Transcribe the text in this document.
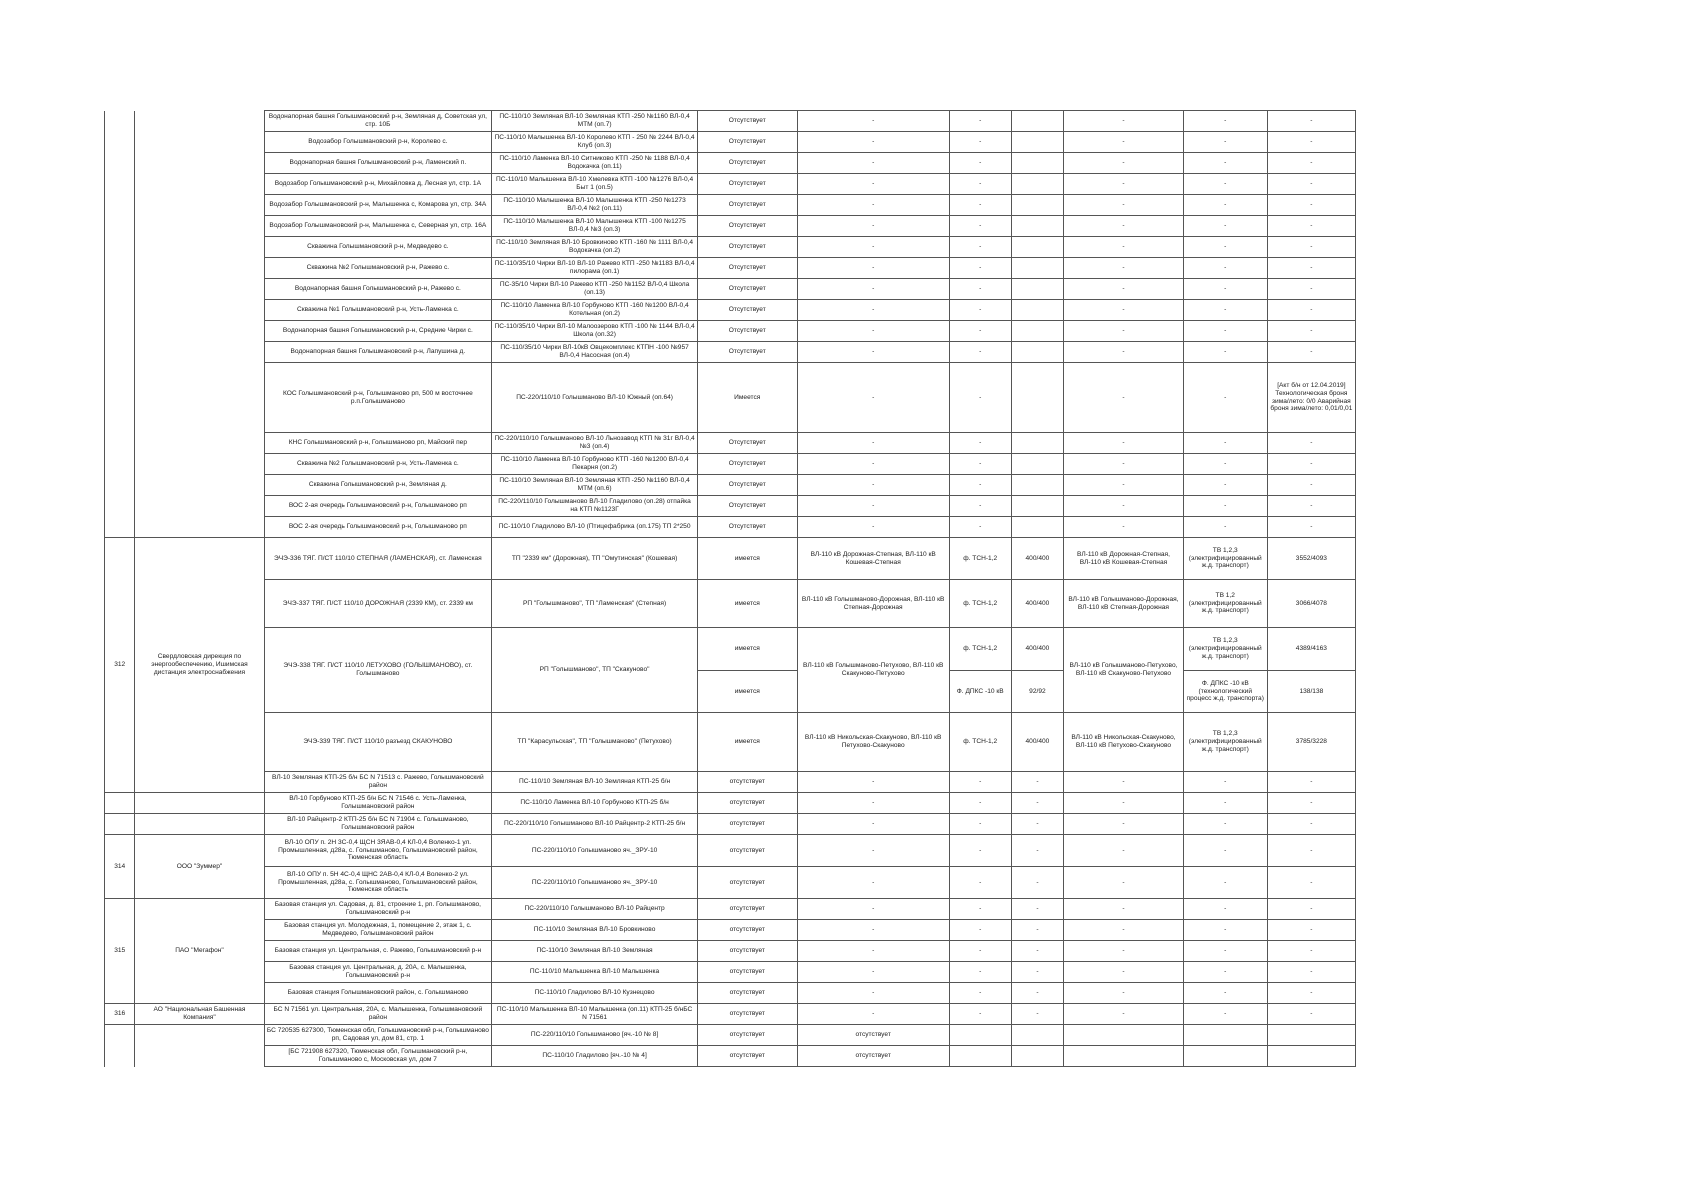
		Водонапорная башня Голышмановский р-н, Земляная д, Советская ул, стр. 10Б	ПС-110/10 Земляная ВЛ-10 Земляная КТП -250 №1160 ВЛ-0,4 МТМ (оп.7)	Отсутствует	-	-		-	-	-
		Водозабор Голышмановский р-н, Королево с.	ПС-110/10 Малышенка ВЛ-10 Королево КТП - 250 № 2244 ВЛ-0,4 Клуб (оп.3)	Отсутствует	-	-		-	-	-
		Водонапорная башня Голышмановский р-н, Ламенский п.	ПС-110/10 Ламенка ВЛ-10 Ситниково КТП -250 № 1188 ВЛ-0,4 Водокачка (оп.11)	Отсутствует	-	-		-	-	-
		Водозабор Голышмановский р-н, Михайловка д, Лесная ул, стр. 1А	ПС-110/10 Малышенка ВЛ-10 Хмелевка КТП -100 №1276 ВЛ-0,4 Быт 1 (оп.5)	Отсутствует	-	-		-	-	-
		Водозабор Голышмановский р-н, Малышенка с, Комарова ул, стр. 34А	ПС-110/10 Малышенка ВЛ-10 Малышенка КТП -250 №1273 ВЛ-0,4 №2 (оп.11)	Отсутствует	-	-		-	-	-
		Водозабор Голышмановский р-н, Малышенка с, Северная ул, стр. 16А	ПС-110/10 Малышенка ВЛ-10 Малышенка КТП -100 №1275 ВЛ-0,4 №3 (оп.3)	Отсутствует	-	-		-	-	-
		Скважина Голышмановский р-н, Медведево с.	ПС-110/10 Земляная ВЛ-10 Бровкиново КТП -160 № 1111 ВЛ-0,4 Водокачка (оп.2)	Отсутствует	-	-		-	-	-
		Скважина №2 Голышмановский р-н, Ражево с.	ПС-110/35/10 Чирки ВЛ-10 ВЛ-10 Ражево КТП -250 №1183 ВЛ-0,4 пилорама (оп.1)	Отсутствует	-	-		-	-	-
		Водонапорная башня Голышмановский р-н, Ражево с.	ПС-35/10 Чирки ВЛ-10 Ражево КТП -250 №1152 ВЛ-0,4 Школа (оп.13)	Отсутствует	-	-		-	-	-
		Скважина №1 Голышмановский р-н, Усть-Ламенка с.	ПС-110/10 Ламенка ВЛ-10 Горбуново КТП -160 №1200 ВЛ-0,4 Котельная (оп.2)	Отсутствует	-	-		-	-	-
		Водонапорная башня Голышмановский р-н, Средние Чирки с.	ПС-110/35/10 Чирки ВЛ-10 Малоозерово КТП -100 № 1144 ВЛ-0,4 Школа (оп.32)	Отсутствует	-	-		-	-	-
		Водонапорная башня Голышмановский р-н, Лапушина д.	ПС-110/35/10 Чирки ВЛ-10кВ Овцекомплекс КТПН -100 №957 ВЛ-0,4 Насосная (оп.4)	Отсутствует	-	-		-	-	-
		КОС Голышмановский р-н, Голышманово рп, 500 м восточнее р.п.Голышманово	ПС-220/110/10 Голышманово ВЛ-10 Южный (оп.64)	Имеется	-	-		-	-	[Акт б/н от 12.04.2019] Технологическая броня зима/лето: 0/0 Аварийная броня зима/лето: 0,01/0,01
		КНС Голышмановский р-н, Голышманово рп, Майский пер	ПС-220/110/10 Голышманово ВЛ-10 Льнозавод КТП № 31г ВЛ-0,4 №3 (оп.4)	Отсутствует	-	-		-	-	-
		Скважина №2 Голышмановский р-н, Усть-Ламенка с.	ПС-110/10 Ламенка ВЛ-10 Горбуново КТП -160 №1200 ВЛ-0,4 Пекарня (оп.2)	Отсутствует	-	-		-	-	-
		Скважина Голышмановский р-н, Земляная д.	ПС-110/10 Земляная ВЛ-10 Земляная КТП -250 №1160 ВЛ-0,4 МТМ (оп.6)	Отсутствует	-	-		-	-	-
		ВОС 2-ая очередь Голышмановский р-н, Голышманово рп	ПС-220/110/10 Голышманово ВЛ-10 Гладилово (оп.28) отпайка на КТП №1123Г	Отсутствует	-	-		-	-	-
		ВОС 2-ая очередь Голышмановский р-н, Голышманово рп	ПС-110/10 Гладилово ВЛ-10 (Птицефабрика (оп.175) ТП 2*250	Отсутствует	-	-		-	-	-
312	Свердловская дирекция по энергообеспечению, Ишимская дистанция электроснабжения	ЭЧЭ-336 ТЯГ. П/СТ 110/10 СТЕПНАЯ (ЛАМЕНСКАЯ), ст. Ламенская	ТП "2339 км" (Дорожная), ТП "Омутинская" (Кошевая)	имеется	ВЛ-110 кВ Дорожная-Степная, ВЛ-110 кВ Кошевая-Степная	ф. ТСН-1,2	400/400	ВЛ-110 кВ Дорожная-Степная, ВЛ-110 кВ Кошевая-Степная	ТВ 1,2,3 (электрифицированный ж.д. транспорт)	3552/4093
		ЭЧЭ-337 ТЯГ. П/СТ 110/10 ДОРОЖНАЯ (2339 КМ), ст. 2339 км	РП "Голышманово", ТП "Ламенская" (Степная)	имеется	ВЛ-110 кВ Голышманово-Дорожная, ВЛ-110 кВ Степная-Дорожная	ф. ТСН-1,2	400/400	ВЛ-110 кВ Голышманово-Дорожная, ВЛ-110 кВ Степная-Дорожная	ТВ 1,2 (электрифицированный ж.д. транспорт)	3066/4078
		ЭЧЭ-338 ТЯГ. П/СТ 110/10 ЛЕТУХОВО (ГОЛЫШМАНОВО), ст. Голышманово	РП "Голышманово", ТП "Скакуново"	имеется	ВЛ-110 кВ Голышманово-Петухово, ВЛ-110 кВ Скакуново-Петухово	ф. ТСН-1,2	400/400	ВЛ-110 кВ Голышманово-Петухово, ВЛ-110 кВ Скакуново-Петухово	ТВ 1,2,3 (электрифицированный ж.д. транспорт)	4389/4163
				имеется		Ф. ДПКС -10 кВ	92/92		Ф. ДПКС -10 кВ (технологический процесс ж.д. транспорта)	138/138
		ЭЧЭ-339 ТЯГ. П/СТ 110/10 разъезд СКАКУНОВО	ТП "Карасульская", ТП "Голышманово" (Петухово)	имеется	ВЛ-110 кВ Никольская-Скакуново, ВЛ-110 кВ Петухово-Скакуново	ф. ТСН-1,2	400/400	ВЛ-110 кВ Никольская-Скакуново, ВЛ-110 кВ Петухово-Скакуново	ТВ 1,2,3 (электрифицированный ж.д. транспорт)	3785/3228
		ВЛ-10 Земляная КТП-25 б/н БС N 71513 с. Ражево, Голышмановский район	ПС-110/10 Земляная ВЛ-10 Земляная КТП-25 б/н	отсутствует	-	-	-	-	-	-
		ВЛ-10 Горбуново КТП-25 б/н БС N 71546 с. Усть-Ламенка, Голышмановский район	ПС-110/10 Ламенка ВЛ-10 Горбуново КТП-25 б/н	отсутствует	-	-	-	-	-	-
		ВЛ-10 Райцентр-2 КТП-25 б/н БС N 71904 с. Голышманово, Голышмановский район	ПС-220/110/10 Голышманово ВЛ-10 Райцентр-2 КТП-25 б/н	отсутствует	-	-	-	-	-	-
314	ООО "Зуммер"	ВЛ-10 ОПУ п. 2Н 3С-0,4 ЩСН 3ЯАВ-0,4 КЛ-0,4 Воленко-1 ул. Промышленная, д28а, с. Голышманово, Голышмановский район, Тюменская область	ПС-220/110/10 Голышманово яч._ЗРУ-10	отсутствует	-	-	-	-	-	-
		ВЛ-10 ОПУ п. 5Н 4С-0,4 ЩНС 2АВ-0,4 КЛ-0,4 Воленко-2 ул. Промышленная, д28а, с. Голышманово, Голышмановский район, Тюменская область	ПС-220/110/10 Голышманово яч._ЗРУ-10	отсутствует	-	-	-	-	-	-
315	ПАО "Мегафон"	Базовая станция ул. Садовая, д. 81, строение 1, рп. Голышманово, Голышмановский р-н	ПС-220/110/10 Голышманово ВЛ-10 Райцентр	отсутствует	-	-	-	-	-	-
		Базовая станция ул. Молодежная, 1, помещение 2, этаж 1, с. Медведево, Голышмановский район	ПС-110/10 Земляная ВЛ-10 Бровкиново	отсутствует	-	-	-	-	-	-
		Базовая станция ул. Центральная, с. Ражево, Голышмановский р-н	ПС-110/10 Земляная ВЛ-10 Земляная	отсутствует	-	-	-	-	-	-
		Базовая станция ул. Центральная, д. 20А, с. Малышенка, Голышмановский р-н	ПС-110/10 Малышенка ВЛ-10 Малышенка	отсутствует	-	-	-	-	-	-
		Базовая станция Голышмановский район, с. Голышманово	ПС-110/10 Гладилово ВЛ-10 Кузнецово	отсутствует	-	-	-	-	-	-
316	АО "Национальная Башенная Компания"	БС N 71561 ул. Центральная, 20А, с. Малышенка, Голышмановский район	ПС-110/10 Малышенка ВЛ-10 Малышенка (оп.11) КТП-25 б/нБС N 71561	отсутствует	-	-	-	-	-	-
		БС 720535 627300, Тюменская обл, Голышмановский р-н, Голышманово рп, Садовая ул, дом 81, стр. 1	ПС-220/110/10 Голышманово [яч.-10 № 8]	отсутствует	отсутствует					
		[БС 721908 627320, Тюменская обл, Голышмановский р-н, Голышманово с, Московская ул, дом 7	ПС-110/10 Гладилово [яч.-10 № 4]	отсутствует	отсутствует					
